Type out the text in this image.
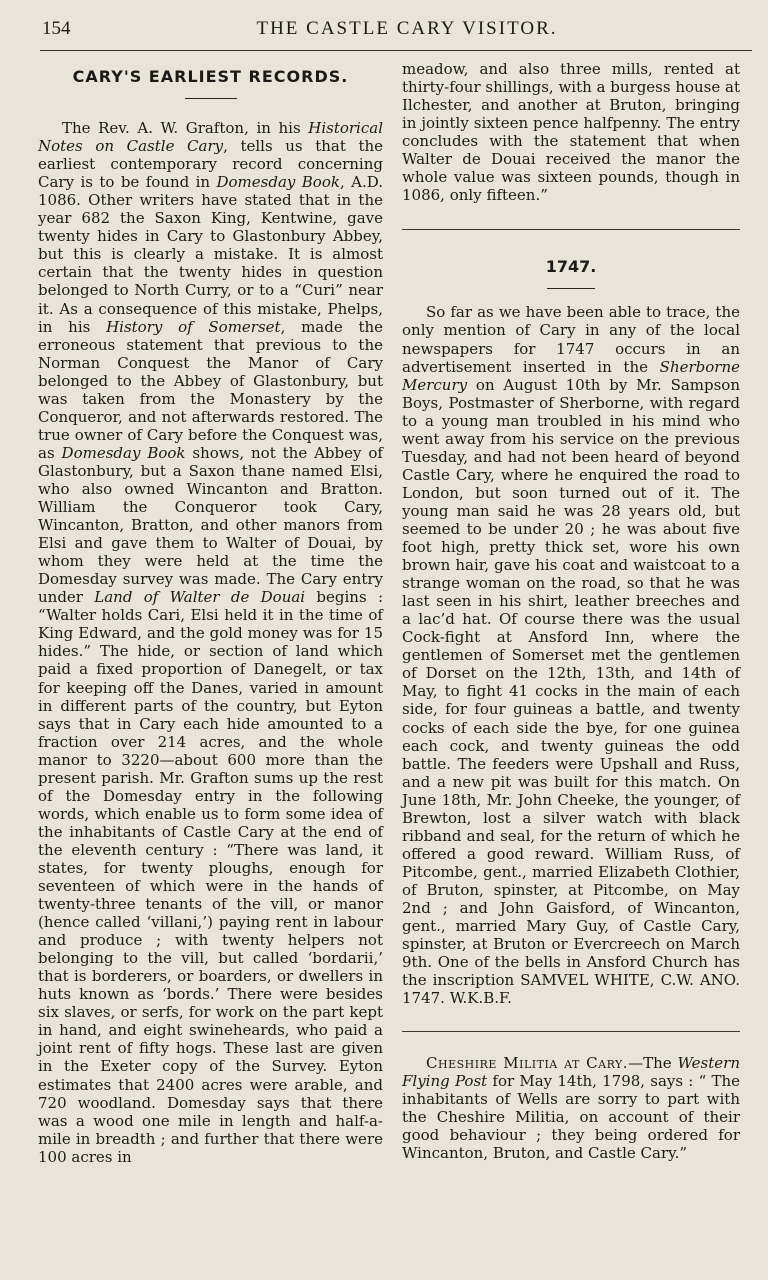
154	THE CASTLE CARY VISITOR.
CARY'S EARLIEST RECORDS.

The Rev. A. W. Grafton, in his Historical Notes on Castle Cary, tells us that the earliest contemporary record concerning Cary is to be found in Domesday Book, A.D. 1086. Other writers have stated that in the year 682 the Saxon King, Kentwine, gave twenty hides in Cary to Glastonbury Abbey, but this is clearly a mistake. It is almost certain that the twenty hides in question belonged to North Curry, or to a “Curi” near it. As a consequence of this mistake, Phelps, in his History of Somerset, made the erroneous statement that previous to the Norman Conquest the Manor of Cary belonged to the Abbey of Glastonbury, but was taken from the Monastery by the Conqueror, and not afterwards restored. The true owner of Cary before the Conquest was, as Domesday Book shows, not the Abbey of Glastonbury, but a Saxon thane named Elsi, who also owned Wincanton and Bratton. William the Conqueror took Cary, Wincanton, Bratton, and other manors from Elsi and gave them to Walter of Douai, by whom they were held at the time the Domesday survey was made. The Cary entry under Land of Walter de Douai begins : “Walter holds Cari, Elsi held it in the time of King Edward, and the gold money was for 15 hides.” The hide, or section of land which paid a fixed proportion of Danegelt, or tax for keeping off the Danes, varied in amount in different parts of the country, but Eyton says that in Cary each hide amounted to a fraction over 214 acres, and the whole manor to 3220—about 600 more than the present parish. Mr. Grafton sums up the rest of the Domesday entry in the following words, which enable us to form some idea of the inhabitants of Castle Cary at the end of the eleventh century : “There was land, it states, for twenty ploughs, enough for seventeen of which were in the hands of twenty-three tenants of the vill, or manor (hence called ‘villani,’) paying rent in labour and produce ; with twenty helpers not belonging to the vill, but called ‘bordarii,’ that is borderers, or boarders, or dwellers in huts known as ‘bords.’ There were besides six slaves, or serfs, for work on the part kept in hand, and eight swineheards, who paid a joint rent of fifty hogs. These last are given in the Exeter copy of the Survey. Eyton estimates that 2400 acres were arable, and 720 woodland. Domesday says that there was a wood one mile in length and half-a-mile in breadth ; and further that there were 100 acres in

meadow, and also three mills, rented at thirty-four shillings, with a burgess house at Ilchester, and another at Bruton, bringing in jointly sixteen pence halfpenny. The entry concludes with the statement that when Walter de Douai received the manor the whole value was sixteen pounds, though in 1086, only fifteen.”

1747.

So far as we have been able to trace, the only mention of Cary in any of the local newspapers for 1747 occurs in an advertisement inserted in the Sherborne Mercury on August 10th by Mr. Sampson Boys, Postmaster of Sherborne, with regard to a young man troubled in his mind who went away from his service on the previous Tuesday, and had not been heard of beyond Castle Cary, where he enquired the road to London, but soon turned out of it. The young man said he was 28 years old, but seemed to be under 20 ; he was about five foot high, pretty thick set, wore his own brown hair, gave his coat and waistcoat to a strange woman on the road, so that he was last seen in his shirt, leather breeches and a lac’d hat. Of course there was the usual Cock-fight at Ansford Inn, where the gentlemen of Somerset met the gentlemen of Dorset on the 12th, 13th, and 14th of May, to fight 41 cocks in the main of each side, for four guineas a battle, and twenty cocks of each side the bye, for one guinea each cock, and twenty guineas the odd battle. The feeders were Upshall and Russ, and a new pit was built for this match. On June 18th, Mr. John Cheeke, the younger, of Brewton, lost a silver watch with black ribband and seal, for the return of which he offered a good reward. William Russ, of Pitcombe, gent., married Elizabeth Clothier, of Bruton, spinster, at Pitcombe, on May 2nd ; and John Gaisford, of Wincanton, gent., married Mary Guy, of Castle Cary, spinster, at Bruton or Evercreech on March 9th. One of the bells in Ansford Church has the inscription SAMVEL WHITE, C.W. ANO. 1747. W.K.B.F.

Cheshire Militia at Cary.—The Western Flying Post for May 14th, 1798, says : “ The inhabitants of Wells are sorry to part with the Cheshire Militia, on account of their good behaviour ; they being ordered for Wincanton, Bruton, and Castle Cary.”
